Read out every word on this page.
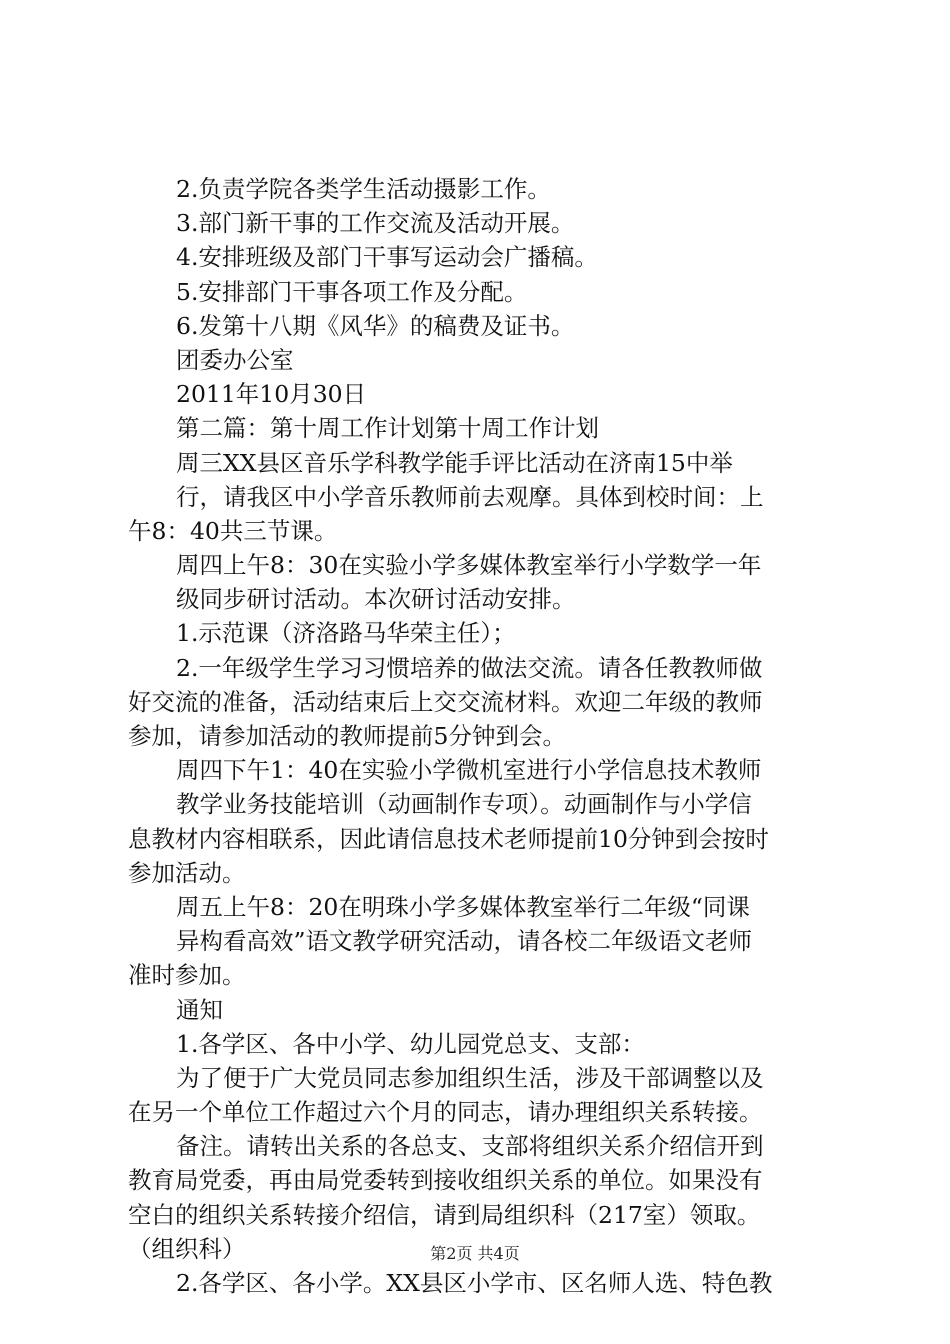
2.负责学院各类学生活动摄影工作。
3.部门新干事的工作交流及活动开展。
4.安排班级及部门干事写运动会广播稿。
5.安排部门干事各项工作及分配。
6.发第十八期《风华》的稿费及证书。
团委办公室
2011年10月30日
第二篇：第十周工作计划第十周工作计划
周三XX县区音乐学科教学能手评比活动在济南15中举
行，请我区中小学音乐教师前去观摩。具体到校时间：上
午8：40共三节课。
周四上午8：30在实验小学多媒体教室举行小学数学一年
级同步研讨活动。本次研讨活动安排。
1.示范课（济洛路马华荣主任）；
2.一年级学生学习习惯培养的做法交流。请各任教教师做
好交流的准备，活动结束后上交交流材料。欢迎二年级的教师
参加，请参加活动的教师提前5分钟到会。
周四下午1：40在实验小学微机室进行小学信息技术教师
教学业务技能培训（动画制作专项）。动画制作与小学信
息教材内容相联系，因此请信息技术老师提前10分钟到会按时
参加活动。
周五上午8：20在明珠小学多媒体教室举行二年级“同课
异构看高效”语文教学研究活动，请各校二年级语文老师
准时参加。
通知
1.各学区、各中小学、幼儿园党总支、支部：
为了便于广大党员同志参加组织生活，涉及干部调整以及
在另一个单位工作超过六个月的同志，请办理组织关系转接。
备注。请转出关系的各总支、支部将组织关系介绍信开到
教育局党委，再由局党委转到接收组织关系的单位。如果没有
空白的组织关系转接介绍信，请到局组织科（217室）领取。
（组织科）
2.各学区、各小学。XX县区小学市、区名师人选、特色教
第2页 共4页
